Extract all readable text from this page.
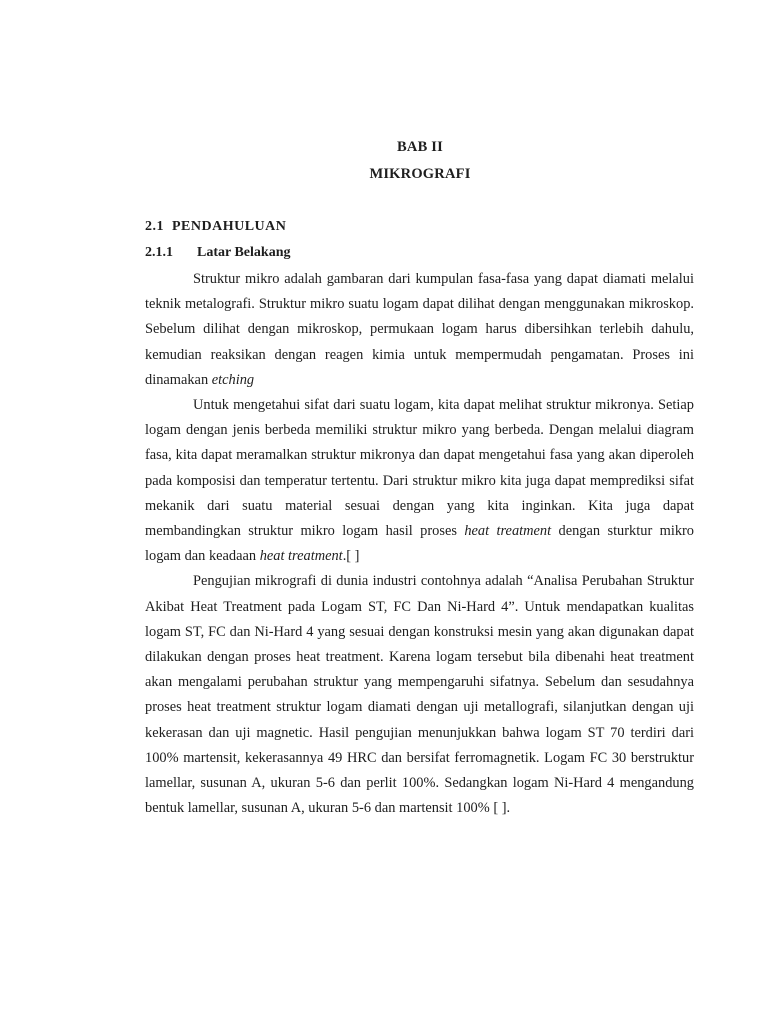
BAB II
MIKROGRAFI
2.1 PENDAHULUAN
2.1.1 Latar Belakang

Struktur mikro adalah gambaran dari kumpulan fasa-fasa yang dapat diamati melalui teknik metalografi. Struktur mikro suatu logam dapat dilihat dengan menggunakan mikroskop. Sebelum dilihat dengan mikroskop, permukaan logam harus dibersihkan terlebih dahulu, kemudian reaksikan dengan reagen kimia untuk mempermudah pengamatan. Proses ini dinamakan etching

Untuk mengetahui sifat dari suatu logam, kita dapat melihat struktur mikronya. Setiap logam dengan jenis berbeda memiliki struktur mikro yang berbeda. Dengan melalui diagram fasa, kita dapat meramalkan struktur mikronya dan dapat mengetahui fasa yang akan diperoleh pada komposisi dan temperatur tertentu. Dari struktur mikro kita juga dapat memprediksi sifat mekanik dari suatu material sesuai dengan yang kita inginkan. Kita juga dapat membandingkan struktur mikro logam hasil proses heat treatment dengan sturktur mikro logam dan keadaan heat treatment.[ ]

Pengujian mikrografi di dunia industri contohnya adalah “Analisa Perubahan Struktur Akibat Heat Treatment pada Logam ST, FC Dan Ni-Hard 4”. Untuk mendapatkan kualitas logam ST, FC dan Ni-Hard 4 yang sesuai dengan konstruksi mesin yang akan digunakan dapat dilakukan dengan proses heat treatment. Karena logam tersebut bila dibenahi heat treatment akan mengalami perubahan struktur yang mempengaruhi sifatnya. Sebelum dan sesudahnya proses heat treatment struktur logam diamati dengan uji metallografi, silanjutkan dengan uji kekerasan dan uji magnetic. Hasil pengujian menunjukkan bahwa logam ST 70 terdiri dari 100% martensit, kekerasannya 49 HRC dan bersifat ferromagnetik. Logam FC 30 berstruktur lamellar, susunan A, ukuran 5-6 dan perlit 100%. Sedangkan logam Ni-Hard 4 mengandung bentuk lamellar, susunan A, ukuran 5-6 dan martensit 100% [ ].
